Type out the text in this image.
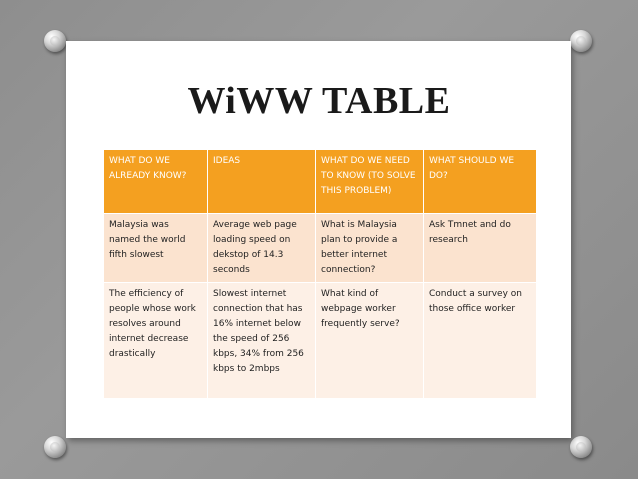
WiWW TABLE
WHAT DO WE ALREADY KNOW?	IDEAS	WHAT DO WE NEED TO KNOW (TO SOLVE THIS PROBLEM)	WHAT SHOULD WE DO?
Malaysia was named the world fifth slowest	Average web page loading speed on dekstop of 14.3 seconds	What is Malaysia plan to provide a better internet connection?	Ask Tmnet and do research
The efficiency of people whose work resolves around internet decrease drastically	Slowest internet connection that has 16% internet below the speed of 256 kbps, 34% from 256 kbps to 2mbps	What kind of webpage worker frequently serve?	Conduct a survey on those office worker
